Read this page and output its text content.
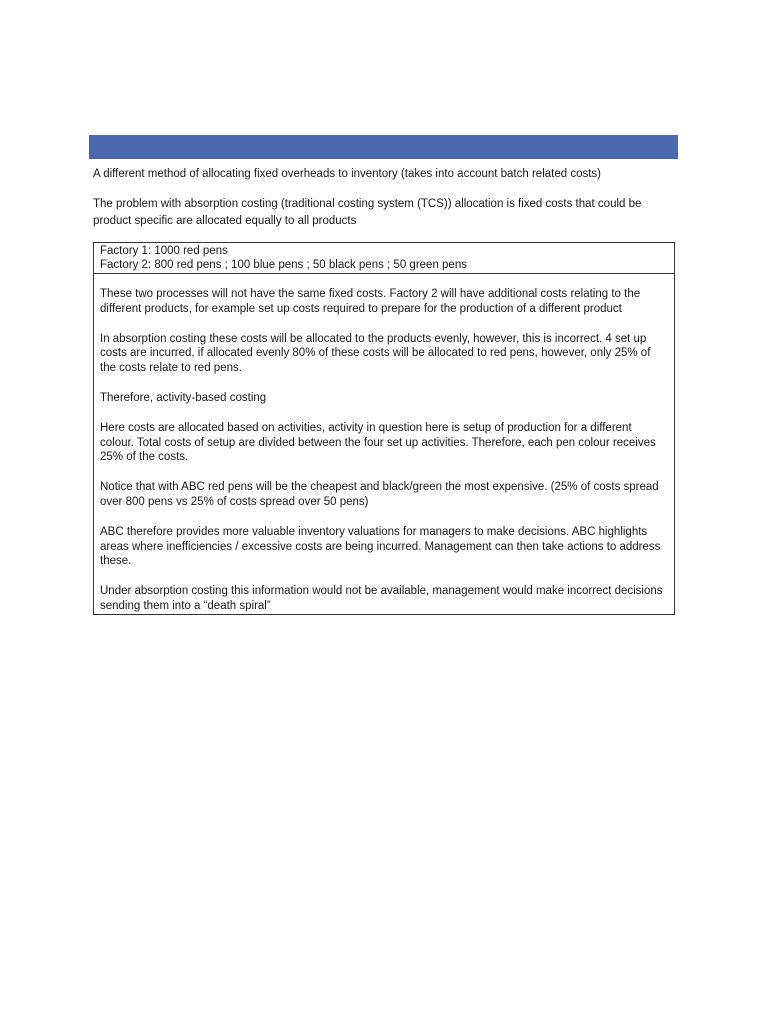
A different method of allocating fixed overheads to inventory (takes into account batch related costs)

The problem with absorption costing (traditional costing system (TCS)) allocation is fixed costs that could be product specific are allocated equally to all products

Factory 1: 1000 red pens

Factory 2: 800 red pens ; 100 blue pens ; 50 black pens ; 50 green pens

These two processes will not have the same fixed costs. Factory 2 will have additional costs relating to the different products, for example set up costs required to prepare for the production of a different product

In absorption costing these costs will be allocated to the products evenly, however, this is incorrect. 4 set up costs are incurred, if allocated evenly 80% of these costs will be allocated to red pens, however, only 25% of the costs relate to red pens.

Therefore, activity-based costing

Here costs are allocated based on activities, activity in question here is setup of production for a different colour. Total costs of setup are divided between the four set up activities. Therefore, each pen colour receives 25% of the costs.

Notice that with ABC red pens will be the cheapest and black/green the most expensive. (25% of costs spread over 800 pens vs 25% of costs spread over 50 pens)

ABC therefore provides more valuable inventory valuations for managers to make decisions. ABC highlights areas where inefficiencies / excessive costs are being incurred. Management can then take actions to address these.

Under absorption costing this information would not be available, management would make incorrect decisions sending them into a “death spiral”
